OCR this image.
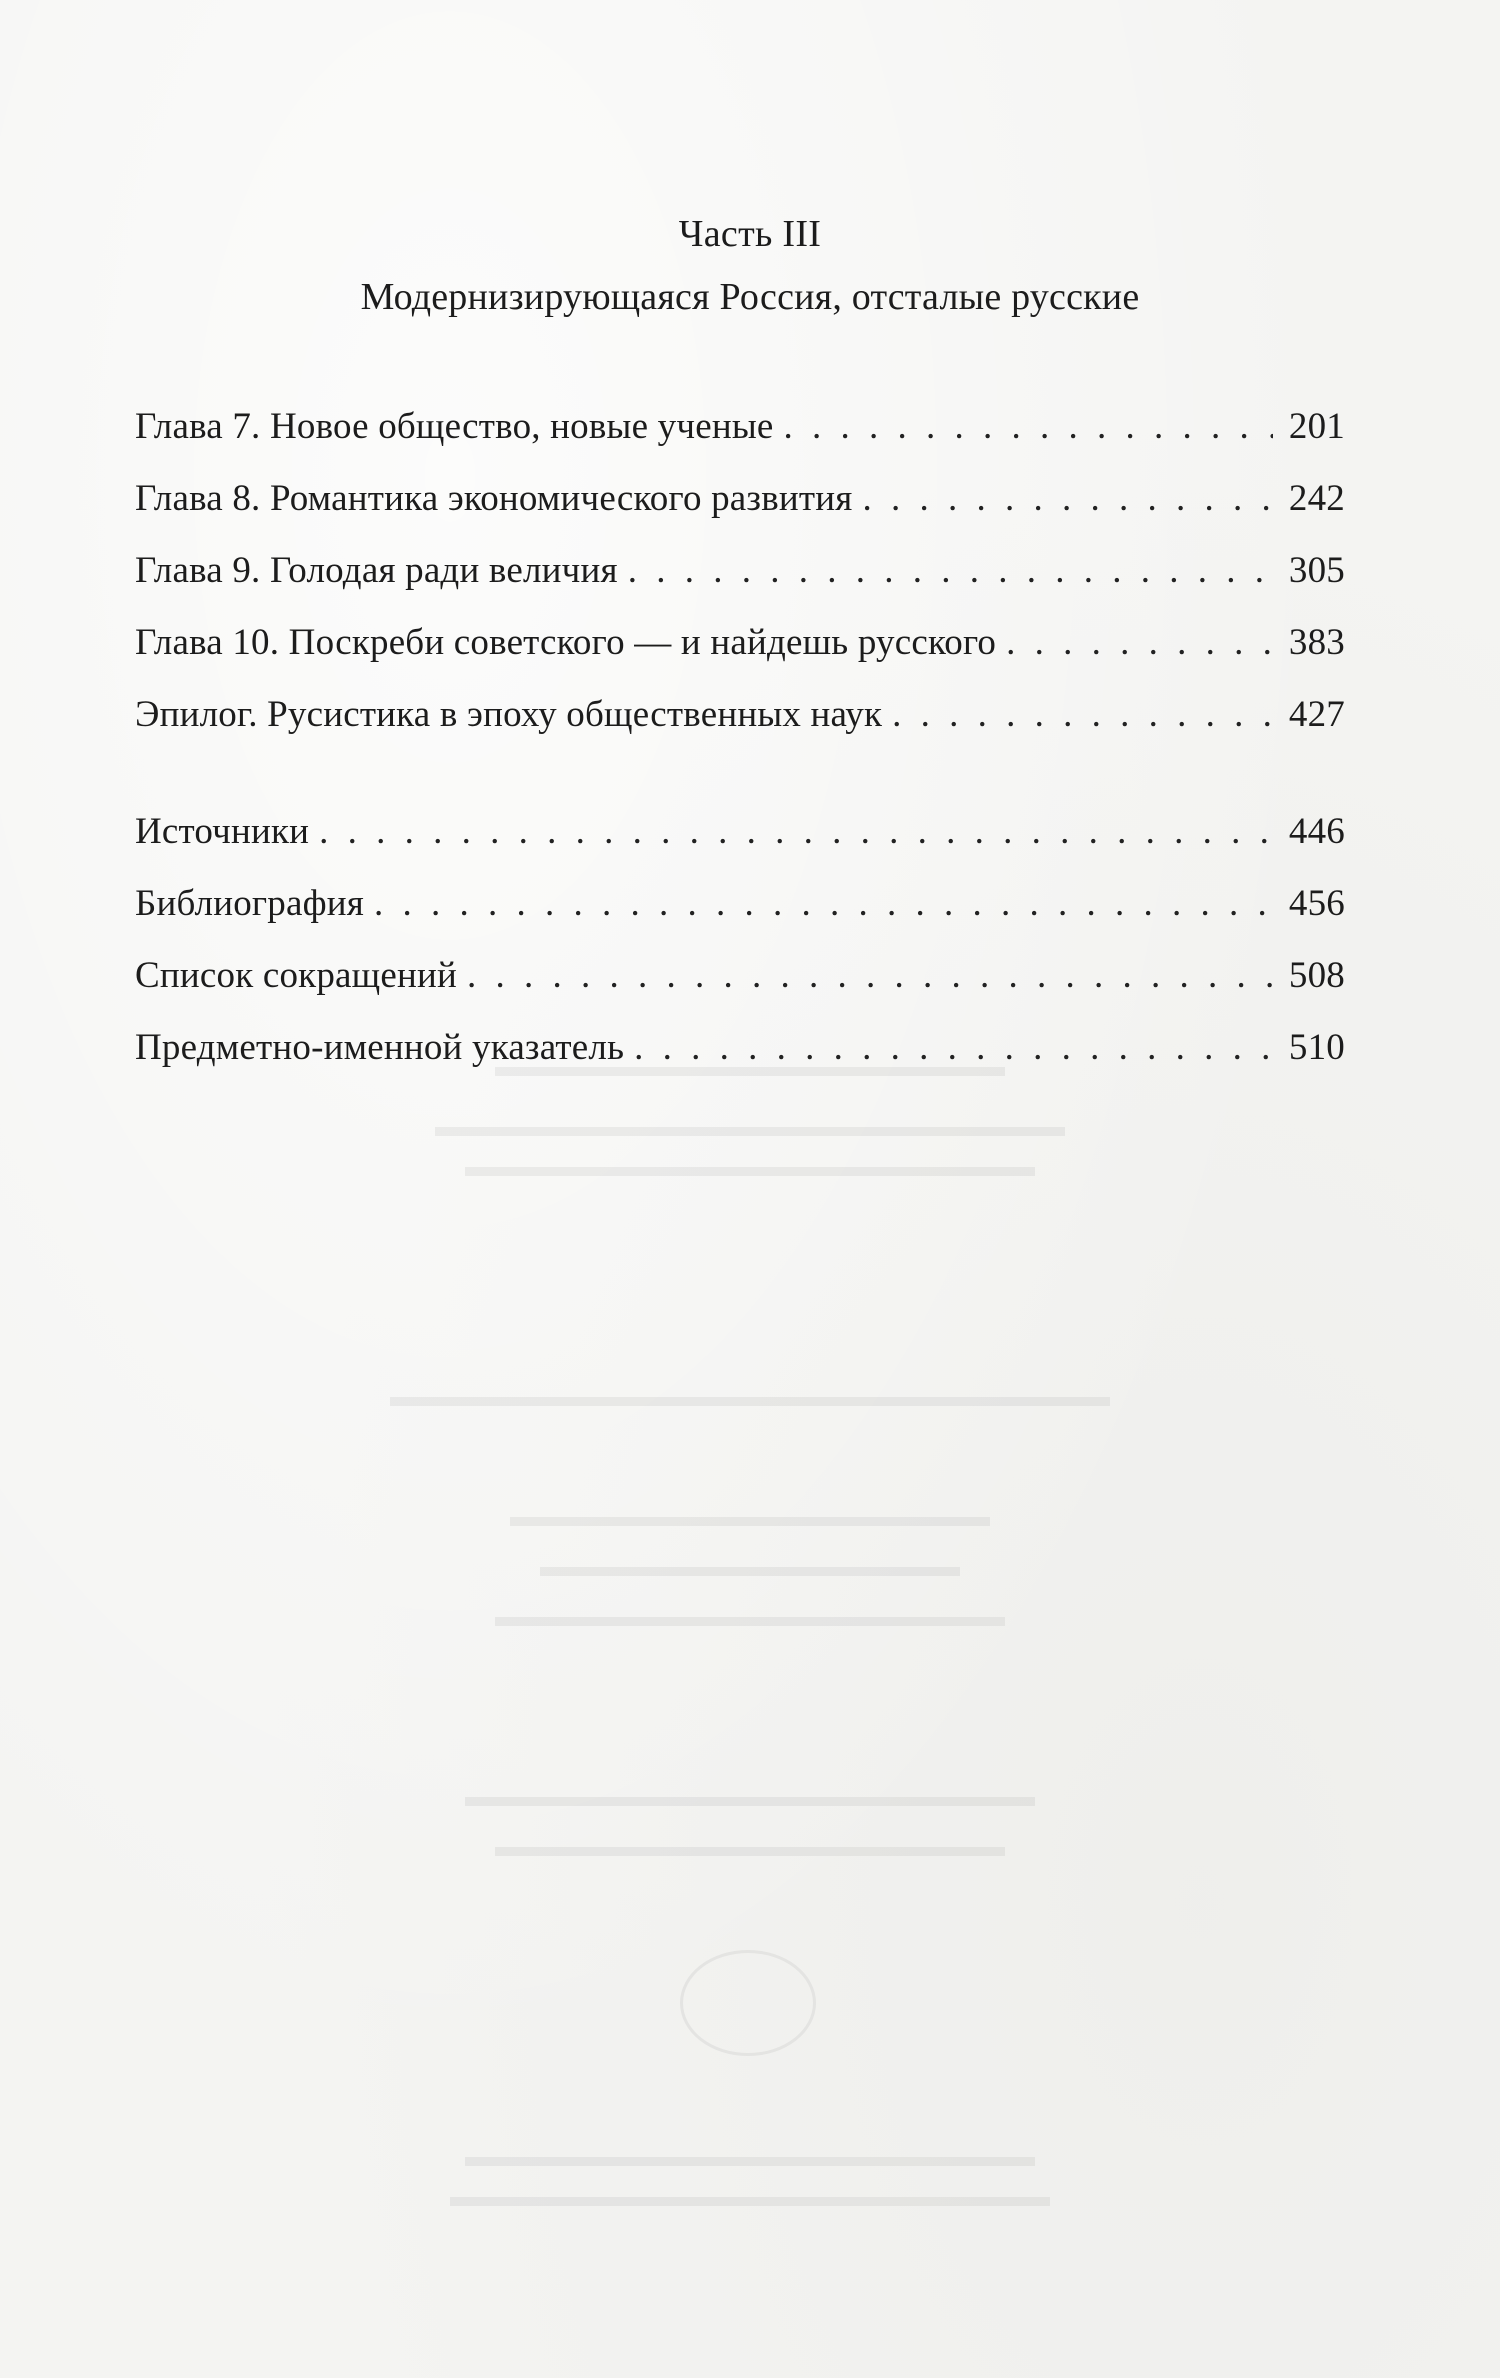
Часть III
Модернизирующаяся Россия, отсталые русские
Глава 7. Новое общество, новые ученые . . .	201
Глава 8. Романтика экономического развития . . .	242
Глава 9. Голодая ради величия . . .	305
Глава 10. Поскреби советского — и найдешь русского . . .	383
Эпилог. Русистика в эпоху общественных наук . . .	427
Источники . . .	446
Библиография . . .	456
Список сокращений . . .	508
Предметно-именной указатель . . .	510
▬▬▬▬▬▬▬▬▬▬▬▬▬▬▬▬▬
▬▬▬▬▬▬▬▬▬▬▬▬▬▬▬▬▬▬▬▬▬
▬▬▬▬▬▬▬▬▬▬▬▬▬▬▬▬▬▬▬
▬▬▬▬▬▬▬▬▬▬▬▬▬▬▬▬▬▬▬▬▬▬▬▬
▬▬▬▬▬▬▬▬▬▬▬▬▬▬▬▬
▬▬▬▬▬▬▬▬▬▬▬▬▬▬
▬▬▬▬▬▬▬▬▬▬▬▬▬▬▬▬▬
▬▬▬▬▬▬▬▬▬▬▬▬▬▬▬▬▬▬▬
▬▬▬▬▬▬▬▬▬▬▬▬▬▬▬▬▬
▬▬▬▬▬▬▬▬▬▬▬▬▬▬▬▬▬▬▬
▬▬▬▬▬▬▬▬▬▬▬▬▬▬▬▬▬▬▬▬
